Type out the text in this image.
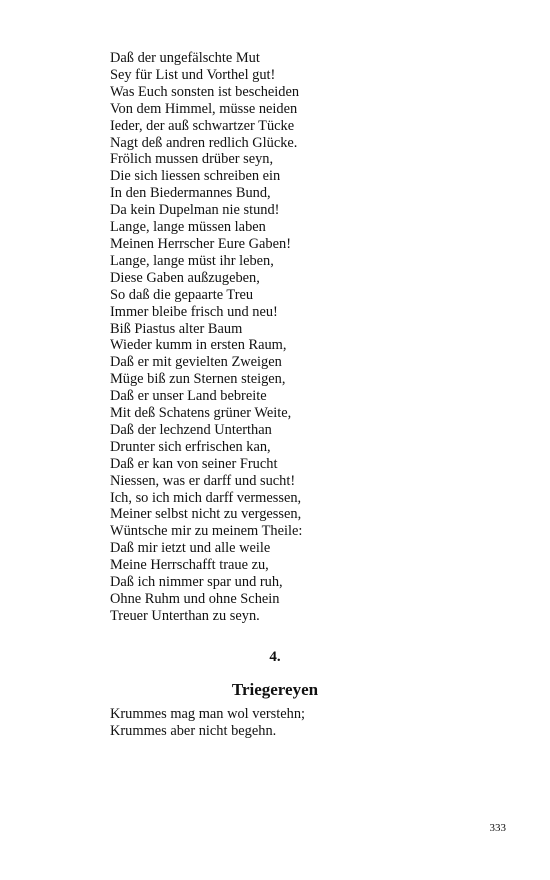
Daß der ungefälschte Mut
Sey für List und Vorthel gut!
Was Euch sonsten ist bescheiden
Von dem Himmel, müsse neiden
Ieder, der auß schwartzer Tücke
Nagt deß andren redlich Glücke.
Frölich mussen drüber seyn,
Die sich liessen schreiben ein
In den Biedermannes Bund,
Da kein Dupelman nie stund!
Lange, lange müssen laben
Meinen Herrscher Eure Gaben!
Lange, lange müst ihr leben,
Diese Gaben außzugeben,
So daß die gepaarte Treu
Immer bleibe frisch und neu!
Biß Piastus alter Baum
Wieder kumm in ersten Raum,
Daß er mit gevielten Zweigen
Müge biß zun Sternen steigen,
Daß er unser Land bebreite
Mit deß Schatens grüner Weite,
Daß der lechzend Unterthan
Drunter sich erfrischen kan,
Daß er kan von seiner Frucht
Niessen, was er darff und sucht!
Ich, so ich mich darff vermessen,
Meiner selbst nicht zu vergessen,
Wüntsche mir zu meinem Theile:
Daß mir ietzt und alle weile
Meine Herrschafft traue zu,
Daß ich nimmer spar und ruh,
Ohne Ruhm und ohne Schein
Treuer Unterthan zu seyn.
4.
Triegereyen
Krummes mag man wol verstehn;
Krummes aber nicht begehn.
333
